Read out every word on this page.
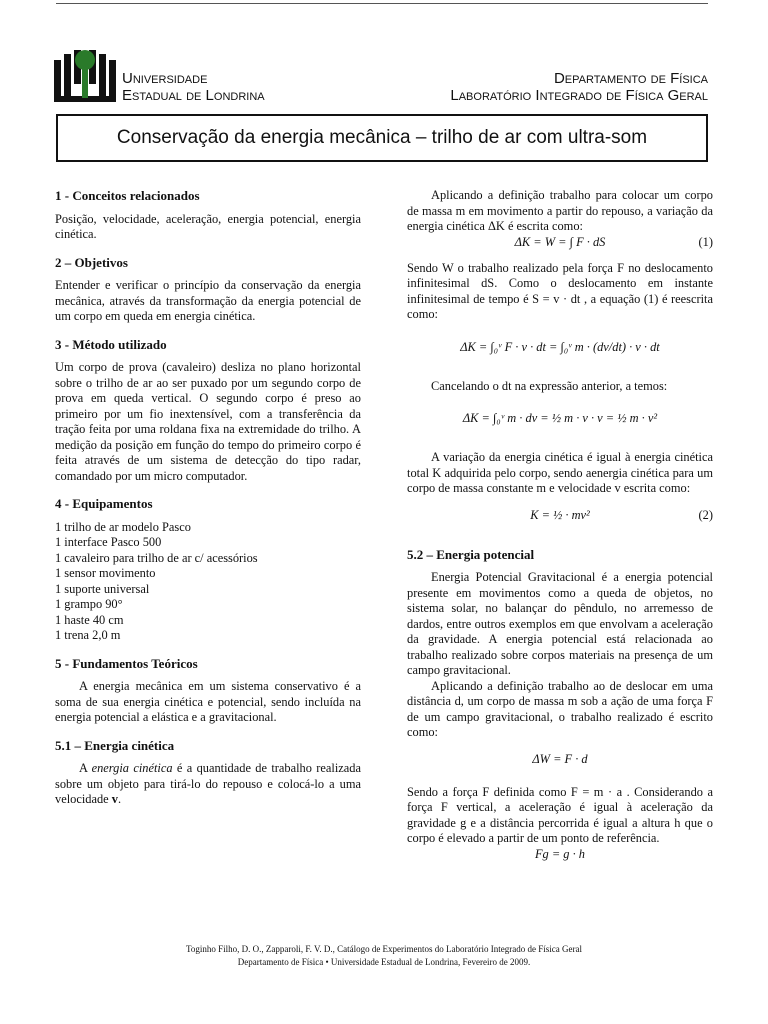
Universidade
Estadual de Londrina
Departamento de Física
Laboratório Integrado de Física Geral
Conservação da energia mecânica – trilho de ar com ultra-som
1 - Conceitos relacionados

Posição, velocidade, aceleração, energia potencial, energia cinética.

2 – Objetivos

Entender e verificar o princípio da conservação da energia mecânica, através da transformação da energia potencial de um corpo em queda em energia cinética.

3 - Método utilizado

Um corpo de prova (cavaleiro) desliza no plano horizontal sobre o trilho de ar ao ser puxado por um segundo corpo de prova em queda vertical. O segundo corpo é preso ao primeiro por um fio inextensível, com a transferência da tração feita por uma roldana fixa na extremidade do trilho. A medição da posição em função do tempo do primeiro corpo é feita através de um sistema de detecção do tipo radar, comandado por um micro computador.

4 - Equipamentos
1 trilho de ar modelo Pasco
1 interface Pasco 500
1 cavaleiro para trilho de ar c/ acessórios
1 sensor movimento
1 suporte universal
1 grampo 90°
1 haste 40 cm
1 trena 2,0 m
5 - Fundamentos Teóricos

A energia mecânica em um sistema conservativo é a soma de sua energia cinética e potencial, sendo incluída na energia potencial a elástica e a gravitacional.

5.1 – Energia cinética

A energia cinética é a quantidade de trabalho realizada sobre um objeto para tirá-lo do repouso e colocá-lo a uma velocidade v.

Aplicando a definição trabalho para colocar um corpo de massa m em movimento a partir do repouso, a variação da energia cinética ΔK é escrita como:

ΔK = W = ∫ F · dS	(1)

Sendo W o trabalho realizado pela força F no deslocamento infinitesimal dS. Como o deslocamento em instante infinitesimal de tempo é S = v · dt , a equação (1) é reescrita como:

ΔK = ∫₀ᵛ F · v · dt = ∫₀ᵛ m · (dv/dt) · v · dt

Cancelando o dt na expressão anterior, a temos:

ΔK = ∫₀ᵛ m · dv = ½ m · v · v = ½ m · v²

A variação da energia cinética é igual à energia cinética total K adquirida pelo corpo, sendo aenergia cinética para um corpo de massa constante m e velocidade v escrita como:

K = ½ · mv²	(2)
5.2 – Energia potencial

Energia Potencial Gravitacional é a energia potencial presente em movimentos como a queda de objetos, no sistema solar, no balançar do pêndulo, no arremesso de dardos, entre outros exemplos em que envolvam a aceleração da gravidade. A energia potencial está relacionada ao trabalho realizado sobre corpos materiais na presença de um campo gravitacional.

Aplicando a definição trabalho ao de deslocar em uma distância d, um corpo de massa m sob a ação de uma força F de um campo gravitacional, o trabalho realizado é escrito como:

ΔW = F · d

Sendo a força F definida como F = m · a . Considerando a força F vertical, a aceleração é igual à aceleração da gravidade g e a distância percorrida é igual a altura h que o corpo é elevado a partir de um ponto de referência.

Fg = g · h
Toginho Filho, D. O., Zapparoli, F. V. D., Catálogo de Experimentos do Laboratório Integrado de Física Geral
Departamento de Física • Universidade Estadual de Londrina, Fevereiro de 2009.
